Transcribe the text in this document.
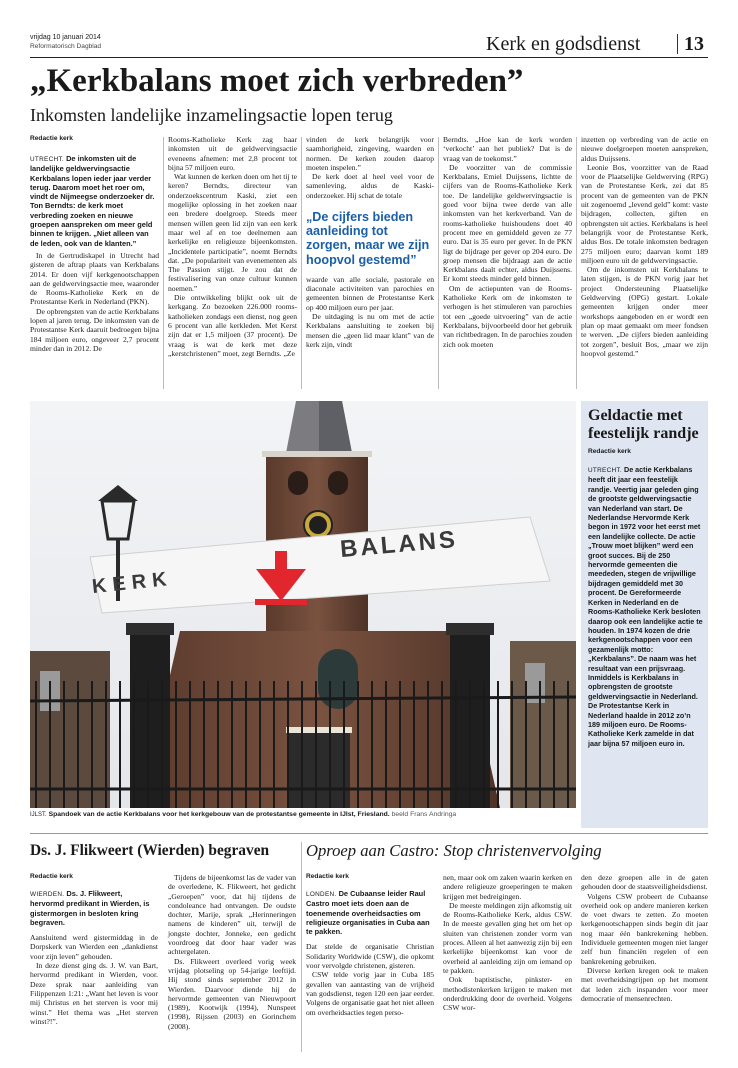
vrijdag 10 januari 2014
Reformatorisch Dagblad	Kerk en godsdienst 13
„Kerkbalans moet zich verbreden”
Inkomsten landelijke inzamelingsactie lopen terug
Redactie kerk
UTRECHT. De inkomsten uit de landelijke geldwervingsactie Kerkbalans lopen ieder jaar verder terug. Daarom moet het roer om, vindt de Nijmeegse onderzoeker dr. Ton Berndts: de kerk moet verbreding zoeken en nieuwe groepen aanspreken om meer geld binnen te krijgen. „Niet alleen van de leden, ook van de klanten.”

In de Gertrudiskapel in Utrecht had gisteren de aftrap plaats van Kerkbalans 2014. Er doen vijf kerkgenootschappen aan de geldwervingsactie mee, waaronder de Rooms-Katholieke Kerk en de Protestantse Kerk in Nederland (PKN).

De opbrengsten van de actie Kerkbalans lopen al jaren terug. De inkomsten van de Protestantse Kerk daaruit bedroegen bijna 184 miljoen euro, ongeveer 2,7 procent minder dan in 2012. De

Rooms-Katholieke Kerk zag haar inkomsten uit de geldwervingsactie eveneens afnemen: met 2,8 procent tot bijna 57 miljoen euro.

Wat kunnen de kerken doen om het tij te keren? Berndts, directeur van onderzoekscentrum Kaski, ziet een mogelijke oplossing in het zoeken naar een bredere doelgroep. Steeds meer mensen willen geen lid zijn van een kerk maar wel af en toe deelnemen aan kerkelijke en religieuze bijeenkomsten. „Incidentele participatie”, noemt Berndts dat. „De populariteit van evenementen als The Passion stijgt. Je zou dat de festivalisering van onze cultuur kunnen noemen.”

Die ontwikkeling blijkt ook uit de kerkgang. Zo bezoeken 226.000 rooms-katholieken zondags een dienst, nog geen 6 procent van alle kerkleden. Met Kerst zijn dat er 1,5 miljoen (37 procent). De vraag is wat de kerk met deze „kerstchristenen” moet, zegt Berndts. „Ze

vinden de kerk belangrijk voor saamhorigheid, zingeving, waarden en normen. De kerken zouden daarop moeten inspelen.”

De kerk doet al heel veel voor de samenleving, aldus de Kaski-onderzoeker. Hij schat de totale

„De cijfers bieden aanleiding tot zorgen, maar we zijn hoopvol gestemd”

waarde van alle sociale, pastorale en diaconale activiteiten van parochies en gemeenten binnen de Protestantse Kerk op 400 miljoen euro per jaar.

De uitdaging is nu om met de actie Kerkbalans aansluiting te zoeken bij mensen die „geen lid maar klant” van de kerk zijn, vindt

Berndts. „Hoe kan de kerk worden ‘verkocht’ aan het publiek? Dat is de vraag van de toekomst.”

De voorzitter van de commissie Kerkbalans, Emiel Duijssens, lichtte de cijfers van de Rooms-Katholieke Kerk toe. De landelijke geldwervingsactie is goed voor bijna twee derde van alle inkomsten van het kerkverband. Van de rooms-katholieke huishoudens doet 40 procent mee en gemiddeld geven ze 77 euro. Dat is 35 euro per gever. In de PKN ligt de bijdrage per gever op 204 euro. De groep mensen die bijdraagt aan de actie Kerkbalans daalt echter, aldus Duijssens. Er komt steeds minder geld binnen.

Om de actiepunten van de Rooms-Katholieke Kerk om de inkomsten te verhogen is het stimuleren van parochies tot een „goede uitvoering” van de actie Kerkbalans, bijvoorbeeld door het gebruik van richtbedragen. In de parochies zouden zich ook moeten

inzetten op verbreding van de actie en nieuwe doelgroepen moeten aanspreken, aldus Duijssens.

Leonie Bos, voorzitter van de Raad voor de Plaatselijke Geldwerving (RPG) van de Protestantse Kerk, zei dat 85 procent van de gemeenten van de PKN uit zogenoemd „levend geld” komt: vaste bijdragen, collecten, giften en opbrengsten uit acties. Kerkbalans is heel belangrijk voor de Protestantse Kerk, aldus Bos. De totale inkomsten bedragen 275 miljoen euro; daarvan komt 189 miljoen euro uit de geldwervingsactie.

Om de inkomsten uit Kerkbalans te laten stijgen, is de PKN vorig jaar het project Ondersteuning Plaatselijke Geldwerving (OPG) gestart. Lokale gemeenten krijgen onder meer workshops aangeboden en er wordt een plan op maat gemaakt om meer fondsen te werven. „De cijfers bieden aanleiding tot zorgen”, besluit Bos, „maar we zijn hoopvol gestemd.”

KERK
BALANS
IJLST. Spandoek van de actie Kerkbalans voor het kerkgebouw van de protestantse gemeente in IJlst, Friesland. beeld Frans Andringa
Geldactie met feestelijk randje
Redactie kerk
UTRECHT. De actie Kerkbalans heeft dit jaar een feestelijk randje. Veertig jaar geleden ging de grootste geldwervingsactie van Nederland van start. De Nederlandse Hervormde Kerk begon in 1972 voor het eerst met een landelijke collecte. De actie „Trouw moet blijken” werd een groot succes. Bij de 250 hervormde gemeenten die meededen, stegen de vrijwillige bijdragen gemiddeld met 30 procent. De Gereformeerde Kerken in Nederland en de Rooms-Katholieke Kerk besloten daarop ook een landelijke actie te houden. In 1974 kozen de drie kerkgenootschappen voor een gezamenlijk motto: „Kerkbalans”. De naam was het resultaat van een prijsvraag. Inmiddels is Kerkbalans in opbrengsten de grootste geldwervingsactie in Nederland. De Protestantse Kerk in Nederland haalde in 2012 zo’n 189 miljoen euro. De Rooms-Katholieke Kerk zamelde in dat jaar bijna 57 miljoen euro in.
Ds. J. Flikweert (Wierden) begraven
Redactie kerk
WIERDEN. Ds. J. Flikweert, hervormd predikant in Wierden, is gistermorgen in besloten kring begraven.

Aansluitend werd gistermiddag in de Dorpskerk van Wierden een „dankdienst voor zijn leven” gehouden.

In deze dienst ging ds. J. W. van Bart, hervormd predikant in Wierden, voor. Deze sprak naar aanleiding van Filippenzen 1:21: „Want het leven is voor mij Christus en het sterven is voor mij winst.” Het thema was „Het sterven winst?!”.

Tijdens de bijeenkomst las de vader van de overledene, K. Flikweert, het gedicht „Geroepen” voor, dat hij tijdens de condoleance had ontvangen. De oudste dochter, Marije, sprak „Herinneringen namens de kinderen” uit, terwijl de jongste dochter, Jonneke, een gedicht voordroeg dat door haar vader was achtergelaten.

Ds. Flikweert overleed vorig week vrijdag plotseling op 54-jarige leeftijd. Hij stond sinds september 2012 in Wierden. Daarvoor diende hij de hervormde gemeenten van Nieuwpoort (1989), Kootwijk (1994), Nunspeet (1998), Rijssen (2003) en Gorinchem (2008).

Oproep aan Castro: Stop christenvervolging
Redactie kerk
LONDEN. De Cubaanse leider Raul Castro moet iets doen aan de toenemende overheidsacties om religieuze organisaties in Cuba aan te pakken.

Dat stelde de organisatie Christian Solidarity Worldwide (CSW), die opkomt voor vervolgde christenen, gisteren.

CSW telde vorig jaar in Cuba 185 gevallen van aantasting van de vrijheid van godsdienst, tegen 120 een jaar eerder. Volgens de organisatie gaat het niet alleen om overheidsacties tegen perso-

nen, maar ook om zaken waarin kerken en andere religieuze groeperingen te maken krijgen met bedreigingen.

De meeste meldingen zijn afkomstig uit de Rooms-Katholieke Kerk, aldus CSW. In de meeste gevallen ging het om het op sluiten van christenen zonder vorm van proces. Alleen al het aanwezig zijn bij een kerkelijke bijeenkomst kan voor de overheid al aanleiding zijn om iemand op te pakken.

Ook baptistische, pinkster- en methodistenkerken krijgen te maken met onderdrukking door de overheid. Volgens CSW wor-

den deze groepen alle in de gaten gehouden door de staatsveiligheidsdienst.

Volgens CSW probeert de Cubaanse overheid ook op andere manieren kerken de voet dwars te zetten. Zo moeten kerkgenootschappen sinds begin dit jaar nog maar één bankrekening hebben. Individuele gemeenten mogen niet langer zelf hun financiën regelen of een bankrekening gebruiken.

Diverse kerken kregen ook te maken met overheidsingrijpen op het moment dat leden zich inspanden voor meer democratie of mensenrechten.
